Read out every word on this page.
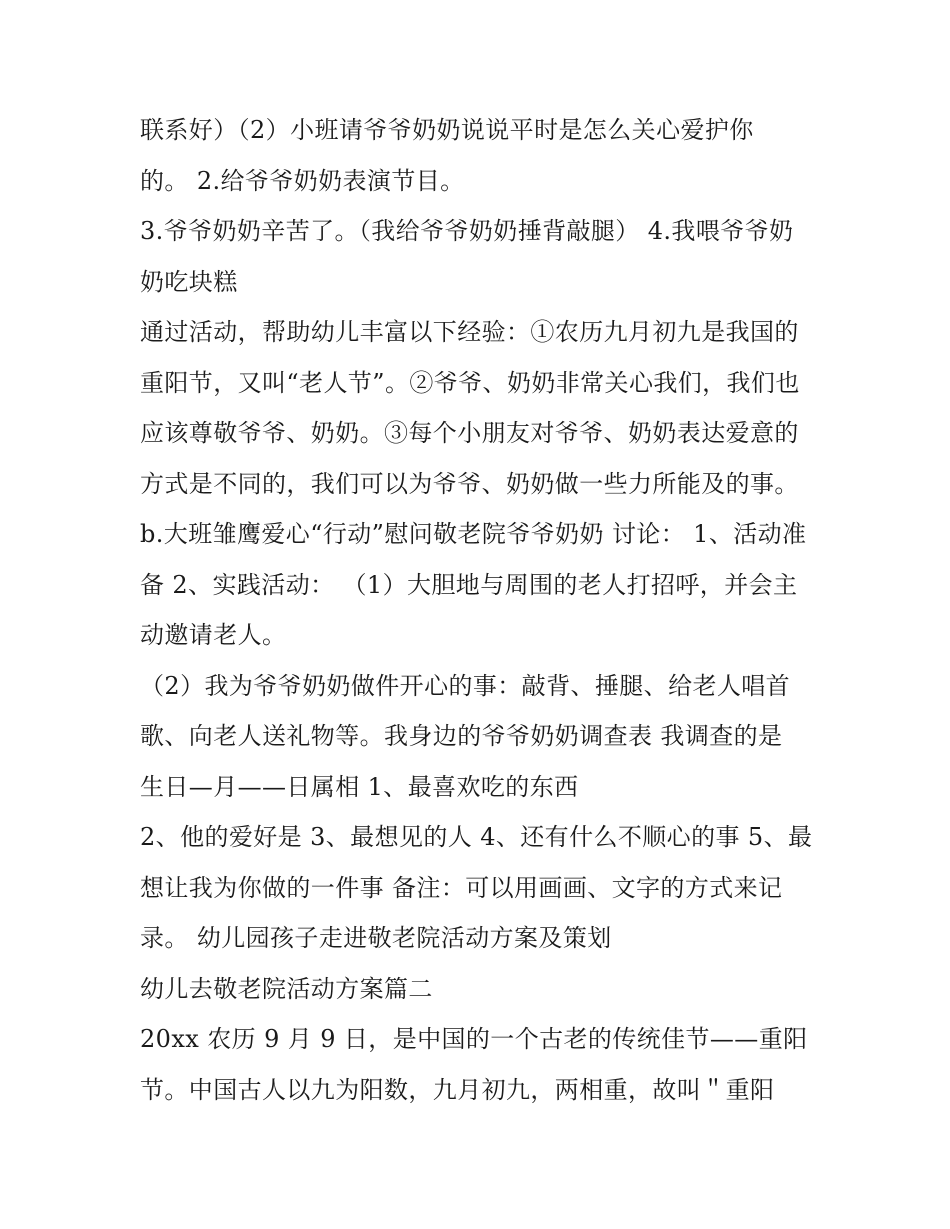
联系好）（2）小班请爷爷奶奶说说平时是怎么关心爱护你
的。 2.给爷爷奶奶表演节目。
3.爷爷奶奶辛苦了。（我给爷爷奶奶捶背敲腿） 4.我喂爷爷奶
奶吃块糕
通过活动，帮助幼儿丰富以下经验：①农历九月初九是我国的
重阳节，又叫“老人节”。②爷爷、奶奶非常关心我们，我们也
应该尊敬爷爷、奶奶。③每个小朋友对爷爷、奶奶表达爱意的
方式是不同的，我们可以为爷爷、奶奶做一些力所能及的事。
b.大班雏鹰爱心“行动”慰问敬老院爷爷奶奶 讨论： 1、活动准
备 2、实践活动： （1）大胆地与周围的老人打招呼，并会主
动邀请老人。
（2）我为爷爷奶奶做件开心的事：敲背、捶腿、给老人唱首
歌、向老人送礼物等。我身边的爷爷奶奶调查表 我调查的是
生日—月——日属相 1、最喜欢吃的东西
2、他的爱好是 3、最想见的人 4、还有什么不顺心的事 5、最
想让我为你做的一件事 备注：可以用画画、文字的方式来记
录。 幼儿园孩子走进敬老院活动方案及策划
幼儿去敬老院活动方案篇二
20xx 农历 9 月 9 日，是中国的一个古老的传统佳节——重阳
节。中国古人以九为阳数，九月初九，两相重，故叫＂重阳
